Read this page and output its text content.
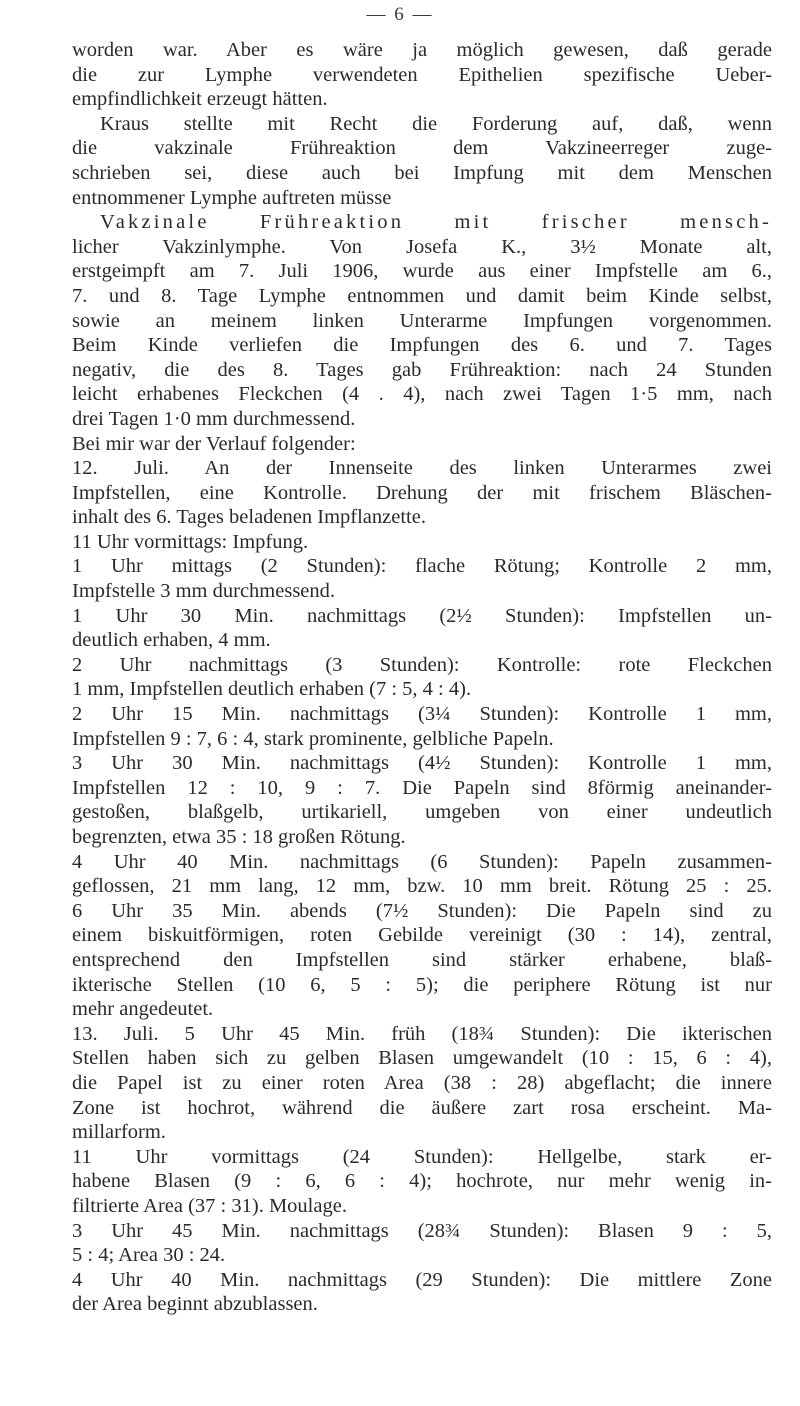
— 6 —
worden war. Aber es wäre ja möglich gewesen, daß gerade
die zur Lymphe verwendeten Epithelien spezifische Ueber-
empfindlichkeit erzeugt hätten.
Kraus stellte mit Recht die Forderung auf, daß, wenn
die vakzinale Frühreaktion dem Vakzineerreger zuge-
schrieben sei, diese auch bei Impfung mit dem Menschen
entnommener Lymphe auftreten müsse
Vakzinale Frühreaktion mit frischer mensch-
licher Vakzinlymphe. Von Josefa K., 3½ Monate alt,
erstgeimpft am 7. Juli 1906, wurde aus einer Impfstelle am 6.,
7. und 8. Tage Lymphe entnommen und damit beim Kinde selbst,
sowie an meinem linken Unterarme Impfungen vorgenommen.
Beim Kinde verliefen die Impfungen des 6. und 7. Tages
negativ, die des 8. Tages gab Frühreaktion: nach 24 Stunden
leicht erhabenes Fleckchen (4 . 4), nach zwei Tagen 1·5 mm, nach
drei Tagen 1·0 mm durchmessend.
Bei mir war der Verlauf folgender:
12. Juli. An der Innenseite des linken Unterarmes zwei
Impfstellen, eine Kontrolle. Drehung der mit frischem Bläschen-
inhalt des 6. Tages beladenen Impflanzette.
11 Uhr vormittags: Impfung.
1 Uhr mittags (2 Stunden): flache Rötung; Kontrolle 2 mm,
Impfstelle 3 mm durchmessend.
1 Uhr 30 Min. nachmittags (2½ Stunden): Impfstellen un-
deutlich erhaben, 4 mm.
2 Uhr nachmittags (3 Stunden): Kontrolle: rote Fleckchen
1 mm, Impfstellen deutlich erhaben (7 : 5, 4 : 4).
2 Uhr 15 Min. nachmittags (3¼ Stunden): Kontrolle 1 mm,
Impfstellen 9 : 7, 6 : 4, stark prominente, gelbliche Papeln.
3 Uhr 30 Min. nachmittags (4½ Stunden): Kontrolle 1 mm,
Impfstellen 12 : 10, 9 : 7. Die Papeln sind 8förmig aneinander-
gestoßen, blaßgelb, urtikariell, umgeben von einer undeutlich
begrenzten, etwa 35 : 18 großen Rötung.
4 Uhr 40 Min. nachmittags (6 Stunden): Papeln zusammen-
geflossen, 21 mm lang, 12 mm, bzw. 10 mm breit. Rötung 25 : 25.
6 Uhr 35 Min. abends (7½ Stunden): Die Papeln sind zu
einem biskuitförmigen, roten Gebilde vereinigt (30 : 14), zentral,
entsprechend den Impfstellen sind stärker erhabene, blaß-
ikterische Stellen (10 6, 5 : 5); die periphere Rötung ist nur
mehr angedeutet.
13. Juli. 5 Uhr 45 Min. früh (18¾ Stunden): Die ikterischen
Stellen haben sich zu gelben Blasen umgewandelt (10 : 15, 6 : 4),
die Papel ist zu einer roten Area (38 : 28) abgeflacht; die innere
Zone ist hochrot, während die äußere zart rosa erscheint. Ma-
millarform.
11 Uhr vormittags (24 Stunden): Hellgelbe, stark er-
habene Blasen (9 : 6, 6 : 4); hochrote, nur mehr wenig in-
filtrierte Area (37 : 31). Moulage.
3 Uhr 45 Min. nachmittags (28¾ Stunden): Blasen 9 : 5,
5 : 4; Area 30 : 24.
4 Uhr 40 Min. nachmittags (29 Stunden): Die mittlere Zone
der Area beginnt abzublassen.
